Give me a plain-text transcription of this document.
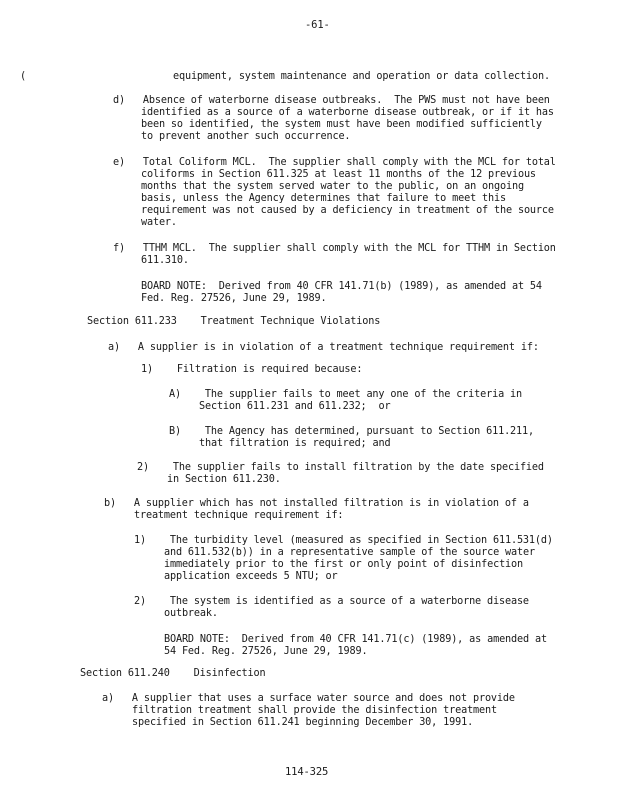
-61-
(	equipment, system maintenance and operation or data collection.
d)   Absence of waterborne disease outbreaks.  The PWS must not have been
identified as a source of a waterborne disease outbreak, or if it has
been so identified, the system must have been modified sufficiently
to prevent another such occurrence.
e)   Total Coliform MCL.  The supplier shall comply with the MCL for total
coliforms in Section 611.325 at least 11 months of the 12 previous
months that the system served water to the public, on an ongoing
basis, unless the Agency determines that failure to meet this
requirement was not caused by a deficiency in treatment of the source
water.
f)   TTHM MCL.  The supplier shall comply with the MCL for TTHM in Section
611.310.
BOARD NOTE:  Derived from 40 CFR 141.71(b) (1989), as amended at 54
Fed. Reg. 27526, June 29, 1989.
Section 611.233    Treatment Technique Violations
a)   A supplier is in violation of a treatment technique requirement if:
1)    Filtration is required because:
A)    The supplier fails to meet any one of the criteria in
Section 611.231 and 611.232;  or
B)    The Agency has determined, pursuant to Section 611.211,
that filtration is required; and
2)    The supplier fails to install filtration by the date specified
in Section 611.230.
b)   A supplier which has not installed filtration is in violation of a
treatment technique requirement if:
1)    The turbidity level (measured as specified in Section 611.531(d)
and 611.532(b)) in a representative sample of the source water
immediately prior to the first or only point of disinfection
application exceeds 5 NTU; or
2)    The system is identified as a source of a waterborne disease
outbreak.
BOARD NOTE:  Derived from 40 CFR 141.71(c) (1989), as amended at
54 Fed. Reg. 27526, June 29, 1989.
Section 611.240    Disinfection
a)   A supplier that uses a surface water source and does not provide
filtration treatment shall provide the disinfection treatment
specified in Section 611.241 beginning December 30, 1991.
114-325
